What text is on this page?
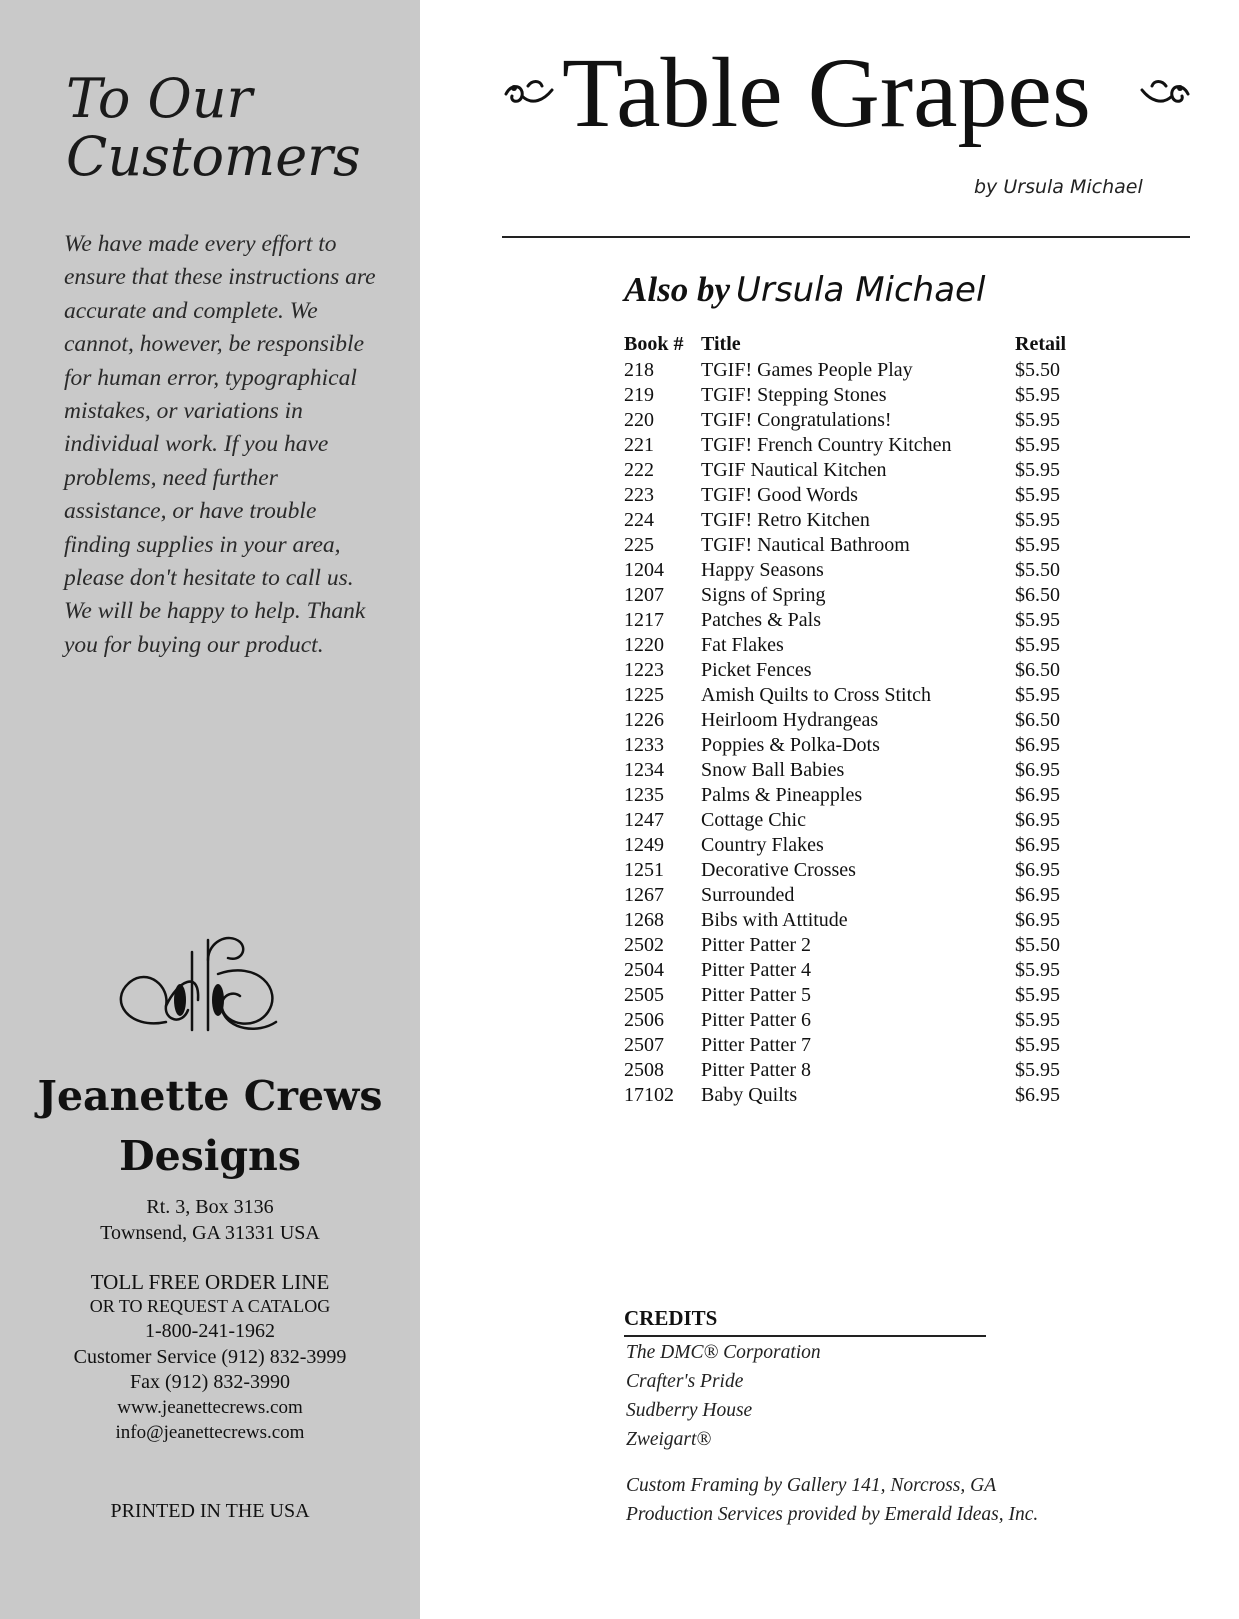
To Our Customers

We have made every effort to ensure that these instructions are accurate and complete. We cannot, however, be responsible for human error, typographical mistakes, or variations in individual work. If you have problems, need further assistance, or have trouble finding supplies in your area, please don't hesitate to call us. We will be happy to help. Thank you for buying our product.

Jeanette Crews
Designs
Rt. 3, Box 3136
Townsend, GA 31331 USA
TOLL FREE ORDER LINE
OR TO REQUEST A CATALOG
1-800-241-1962
Customer Service (912) 832-3999
Fax (912) 832-3990
www.jeanettecrews.com
info@jeanettecrews.com
PRINTED IN THE USA
Table Grapes
by Ursula Michael
Also by Ursula Michael
Book #	Title	Retail
218	TGIF! Games People Play	$5.50
219	TGIF! Stepping Stones	$5.95
220	TGIF! Congratulations!	$5.95
221	TGIF! French Country Kitchen	$5.95
222	TGIF Nautical Kitchen	$5.95
223	TGIF! Good Words	$5.95
224	TGIF! Retro Kitchen	$5.95
225	TGIF! Nautical Bathroom	$5.95
1204	Happy Seasons	$5.50
1207	Signs of Spring	$6.50
1217	Patches & Pals	$5.95
1220	Fat Flakes	$5.95
1223	Picket Fences	$6.50
1225	Amish Quilts to Cross Stitch	$5.95
1226	Heirloom Hydrangeas	$6.50
1233	Poppies & Polka-Dots	$6.95
1234	Snow Ball Babies	$6.95
1235	Palms & Pineapples	$6.95
1247	Cottage Chic	$6.95
1249	Country Flakes	$6.95
1251	Decorative Crosses	$6.95
1267	Surrounded	$6.95
1268	Bibs with Attitude	$6.95
2502	Pitter Patter 2	$5.50
2504	Pitter Patter 4	$5.95
2505	Pitter Patter 5	$5.95
2506	Pitter Patter 6	$5.95
2507	Pitter Patter 7	$5.95
2508	Pitter Patter 8	$5.95
17102	Baby Quilts	$6.95
CREDITS
The DMC® Corporation
Crafter's Pride
Sudberry House
Zweigart®
Custom Framing by Gallery 141, Norcross, GA
Production Services provided by Emerald Ideas, Inc.
